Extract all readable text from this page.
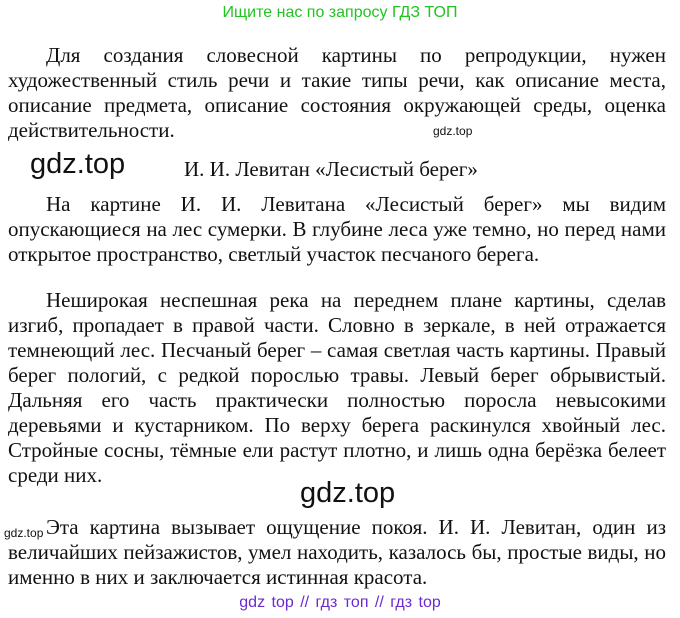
Ищите нас по запросу ГДЗ ТОП

Для создания словесной картины по репродукции, нужен художественный стиль речи и такие типы речи, как описание места, описание предмета, описание состояния окружающей среды, оценка действительности.	gdz.top
gdz.top	И. И. Левитан «Лесистый берег»

На картине И. И. Левитана «Лесистый берег» мы видим опускающиеся на лес сумерки. В глубине леса уже темно, но перед нами открытое пространство, светлый участок песчаного берега.

Неширокая неспешная река на переднем плане картины, сделав изгиб, пропадает в правой части. Словно в зеркале, в ней отражается темнеющий лес. Песчаный берег – самая светлая часть картины. Правый берег пологий, с редкой порослью травы. Левый берег обрывистый. Дальняя его часть практически полностью поросла невысокими деревьями и кустарником. По верху берега раскинулся хвойный лес. Стройные сосны, тёмные ели растут плотно, и лишь одна берёзка белеет среди них.

gdz.top
gdz.top Эта картина вызывает ощущение покоя. И. И. Левитан, один из величайших пейзажистов, умел находить, казалось бы, простые виды, но именно в них и заключается истинная красота.

gdz top // гдз топ // гдз top
